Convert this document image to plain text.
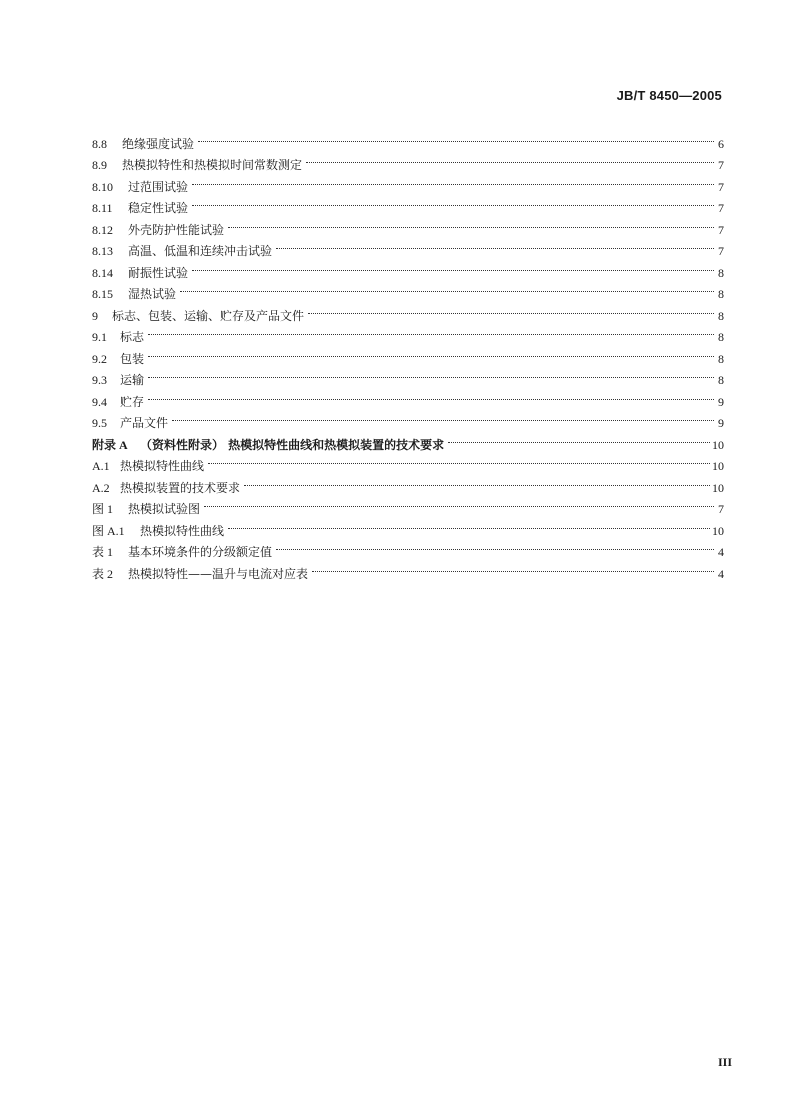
JB/T 8450—2005
8.8	绝缘强度试验	6
8.9	热模拟特性和热模拟时间常数测定	7
8.10	过范围试验	7
8.11	稳定性试验	7
8.12	外壳防护性能试验	7
8.13	高温、低温和连续冲击试验	7
8.14	耐振性试验	8
8.15	湿热试验	8
9	标志、包装、运输、贮存及产品文件	8
9.1	标志	8
9.2	包装	8
9.3	运输	8
9.4	贮存	9
9.5	产品文件	9
附录 A	（资料性附录） 热模拟特性曲线和热模拟装置的技术要求	10
A.1 热模拟特性曲线	10
A.2 热模拟装置的技术要求	10
图 1	热模拟试验图	7
图 A.1	热模拟特性曲线	10
表 1	基本环境条件的分级额定值	4
表 2	热模拟特性——温升与电流对应表	4
III
